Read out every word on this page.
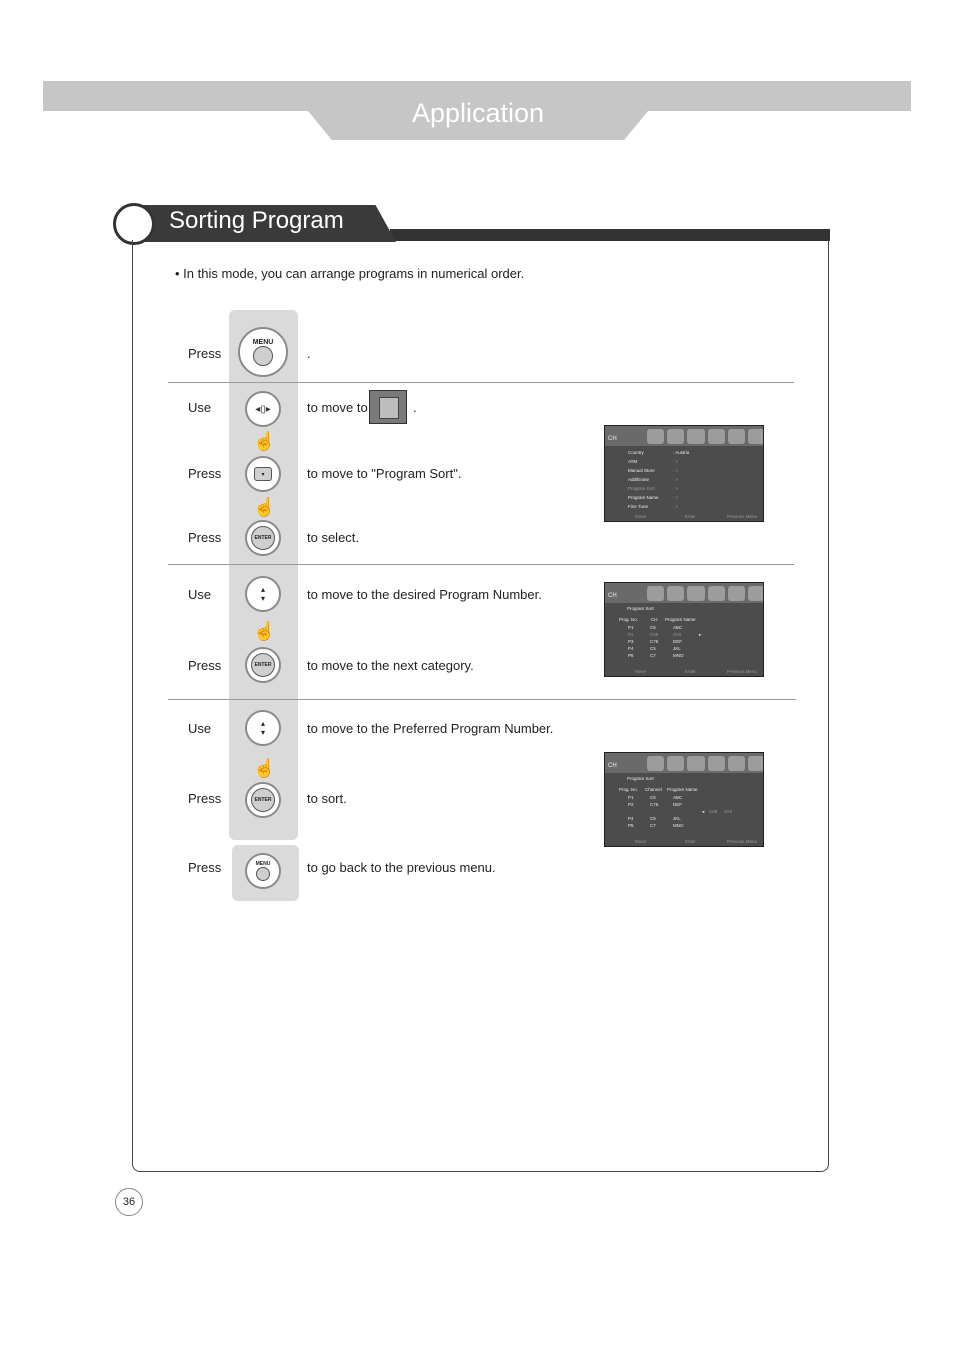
Application
Sorting Program
• In this mode, you can arrange programs in numerical order.
Press
MENU
.
Use	◂▯▸	to move to	.
☝
Press	▾	to move to "Program Sort".
☝
Press	ENTER	to select.
Use	▴
▾	to move to the desired Program Number.
☝
Press	ENTER	to move to the next category.
Use	▴
▾	to move to the Preferred Program Number.
☝
Press	ENTER	to sort.
Press	MENU	to go back to the previous menu.
CH
Country	: Austria
ATM	: >
Manual Store	: >
Add/Erase	: >
Program Sort	: >
Program Name	: >
Fine Tune	: >
Move	Enter	Previous Menu
CH
Program Sort
Prog. No.	CH Program Name
P1	C6	ABC
P2	C69	GHI	▸
P3	C76	DEF
P4	C5	JKL
P5	C7	MNO
Move	Enter	Previous Menu
CH
Program Sort
Prog. No. Channel Program Name
P1	C6	ABC
P2	C76	DEF
◂ C69 GHI
P4	C5	JKL
P5	C7	MNO
Move	Enter	Previous Menu
36
